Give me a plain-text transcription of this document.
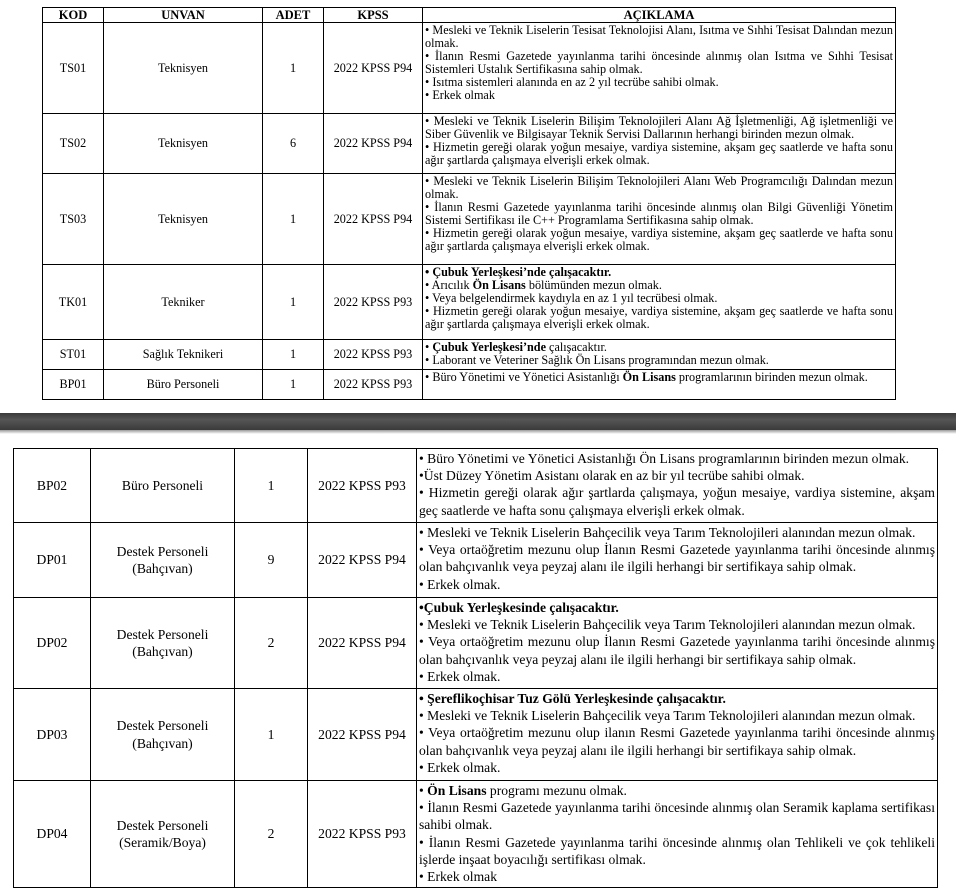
KOD	UNVAN	ADET	KPSS	AÇIKLAMA
TS01	Teknisyen	1	2022 KPSS P94	• Mesleki ve Teknik Liselerin Tesisat Teknolojisi Alanı, Isıtma ve Sıhhi Tesisat Dalından mezun olmak.
• İlanın Resmi Gazetede yayınlanma tarihi öncesinde alınmış olan Isıtma ve Sıhhi Tesisat Sistemleri Ustalık Sertifikasına sahip olmak.
• Isıtma sistemleri alanında en az 2 yıl tecrübe sahibi olmak.
• Erkek olmak

TS02	Teknisyen	6	2022 KPSS P94	• Mesleki ve Teknik Liselerin Bilişim Teknolojileri Alanı Ağ İşletmenliği, Ağ işletmenliği ve Siber Güvenlik ve Bilgisayar Teknik Servisi Dallarının herhangi birinden mezun olmak.
• Hizmetin gereği olarak yoğun mesaiye, vardiya sistemine, akşam geç saatlerde ve hafta sonu ağır şartlarda çalışmaya elverişli erkek olmak.

TS03	Teknisyen	1	2022 KPSS P94	• Mesleki ve Teknik Liselerin Bilişim Teknolojileri Alanı Web Programcılığı Dalından mezun olmak.
• İlanın Resmi Gazetede yayınlanma tarihi öncesinde alınmış olan Bilgi Güvenliği Yönetim Sistemi Sertifikası ile C++ Programlama Sertifikasına sahip olmak.
• Hizmetin gereği olarak yoğun mesaiye, vardiya sistemine, akşam geç saatlerde ve hafta sonu ağır şartlarda çalışmaya elverişli erkek olmak.

TK01	Tekniker	1	2022 KPSS P93	• Çubuk Yerleşkesi’nde çalışacaktır.
• Arıcılık Ön Lisans bölümünden mezun olmak.
• Veya belgelendirmek kaydıyla en az 1 yıl tecrübesi olmak.
• Hizmetin gereği olarak yoğun mesaiye, vardiya sistemine, akşam geç saatlerde ve hafta sonu ağır şartlarda çalışmaya elverişli erkek olmak.

ST01	Sağlık Teknikeri	1	2022 KPSS P93	• Çubuk Yerleşkesi’nde çalışacaktır.
• Laborant ve Veteriner Sağlık Ön Lisans programından mezun olmak.

BP01	Büro Personeli	1	2022 KPSS P93	• Büro Yönetimi ve Yönetici Asistanlığı Ön Lisans programlarının birinden mezun olmak.
BP02	Büro Personeli	1	2022 KPSS P93	• Büro Yönetimi ve Yönetici Asistanlığı Ön Lisans programlarının birinden mezun olmak.
•Üst Düzey Yönetim Asistanı olarak en az bir yıl tecrübe sahibi olmak.
• Hizmetin gereği olarak ağır şartlarda çalışmaya, yoğun mesaiye, vardiya sistemine, akşam geç saatlerde ve hafta sonu çalışmaya elverişli erkek olmak.

DP01	Destek Personeli (Bahçıvan)	9	2022 KPSS P94	• Mesleki ve Teknik Liselerin Bahçecilik veya Tarım Teknolojileri alanından mezun olmak.
• Veya ortaöğretim mezunu olup İlanın Resmi Gazetede yayınlanma tarihi öncesinde alınmış olan bahçıvanlık veya peyzaj alanı ile ilgili herhangi bir sertifikaya sahip olmak.
• Erkek olmak.

DP02	Destek Personeli (Bahçıvan)	2	2022 KPSS P94	•Çubuk Yerleşkesinde çalışacaktır.
• Mesleki ve Teknik Liselerin Bahçecilik veya Tarım Teknolojileri alanından mezun olmak.
• Veya ortaöğretim mezunu olup İlanın Resmi Gazetede yayınlanma tarihi öncesinde alınmış olan bahçıvanlık veya peyzaj alanı ile ilgili herhangi bir sertifikaya sahip olmak.
• Erkek olmak.

DP03	Destek Personeli (Bahçıvan)	1	2022 KPSS P94	• Şereflikoçhisar Tuz Gölü Yerleşkesinde çalışacaktır.
• Mesleki ve Teknik Liselerin Bahçecilik veya Tarım Teknolojileri alanından mezun olmak.
• Veya ortaöğretim mezunu olup ilanın Resmi Gazetede yayınlanma tarihi öncesinde alınmış olan bahçıvanlık veya peyzaj alanı ile ilgili herhangi bir sertifikaya sahip olmak.
• Erkek olmak.

DP04	Destek Personeli (Seramik/Boya)	2	2022 KPSS P93	• Ön Lisans programı mezunu olmak.
• İlanın Resmi Gazetede yayınlanma tarihi öncesinde alınmış olan Seramik kaplama sertifikası sahibi olmak.
• İlanın Resmi Gazetede yayınlanma tarihi öncesinde alınmış olan Tehlikeli ve çok tehlikeli işlerde inşaat boyacılığı sertifikası olmak.
• Erkek olmak
